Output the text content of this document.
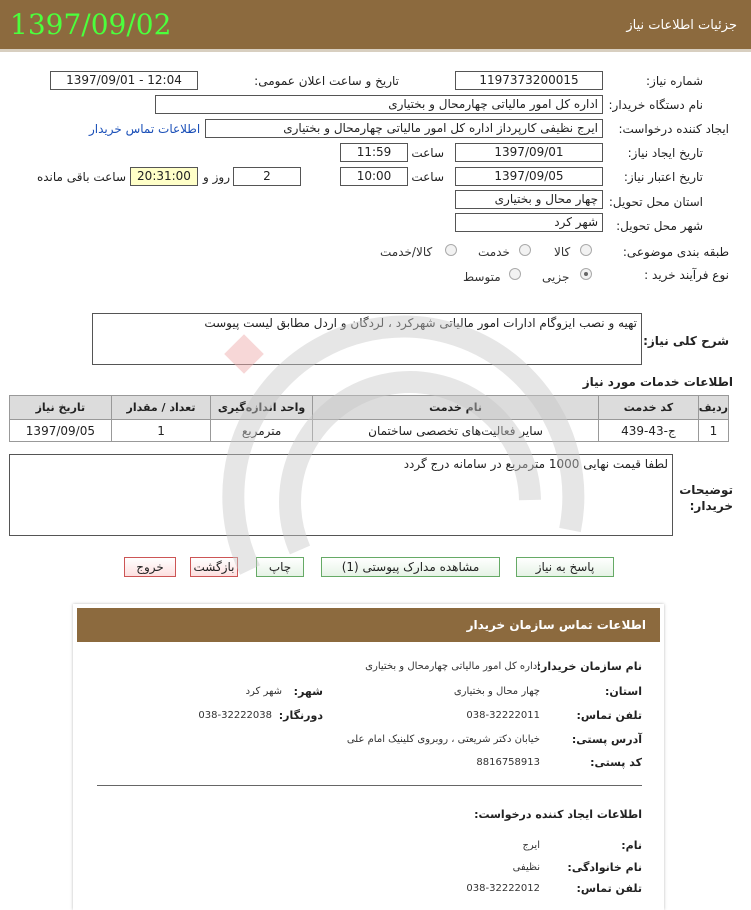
1397/09/02	جزئیات اطلاعات نیاز
شماره نیاز:
1197373200015
تاریخ و ساعت اعلان عمومی:
1397/09/01 - 12:04
نام دستگاه خریدار:
اداره کل امور مالیاتی چهارمحال و بختیاری
ایجاد کننده درخواست:
ایرج نظیفی کارپرداز اداره کل امور مالیاتی چهارمحال و بختیاری
اطلاعات تماس خریدار
تاریخ ایجاد نیاز:
1397/09/01
ساعت
11:59
تاریخ اعتبار نیاز:
1397/09/05
ساعت
10:00
2
روز و
20:31:00
ساعت باقی مانده
استان محل تحویل:
چهار محال و بختیاری
شهر محل تحویل:
شهر کرد
طبقه بندی موضوعی:
کالا
خدمت
کالا/خدمت
نوع فرآیند خرید :
جزیی
متوسط
شرح کلی نیاز:
تهیه و نصب ایزوگام ادارات امور مالیاتی شهرکرد ، لردگان و اردل مطابق لیست پیوست
اطلاعات خدمات مورد نیاز
ردیف	کد خدمت	نام خدمت	واحد اندازه‌گیری	تعداد / مقدار	تاریخ نیاز
1	ج-43-439	سایر فعالیت‌های تخصصی ساختمان	مترمربع	1	1397/09/05
توضیحات خریدار:
لطفا قیمت نهایی 1000 مترمربع در سامانه درج گردد
پاسخ به نیاز
مشاهده مدارک پیوستی (1)
چاپ
بازگشت
خروج
اطلاعات تماس سازمان خریدار
نام سازمان خریدار:
اداره کل امور مالیاتی چهارمحال و بختیاری
استان:
چهار محال و بختیاری
شهر:
شهر کرد
تلفن تماس:
038-32222011
دورنگار:
038-32222038
آدرس پستی:
خیابان دکتر شریعتی ، روبروی کلینیک امام علی
کد پستی:
8816758913
اطلاعات ایجاد کننده درخواست:
نام:
ایرج
نام خانوادگی:
نظیفی
تلفن تماس:
038-32222012
